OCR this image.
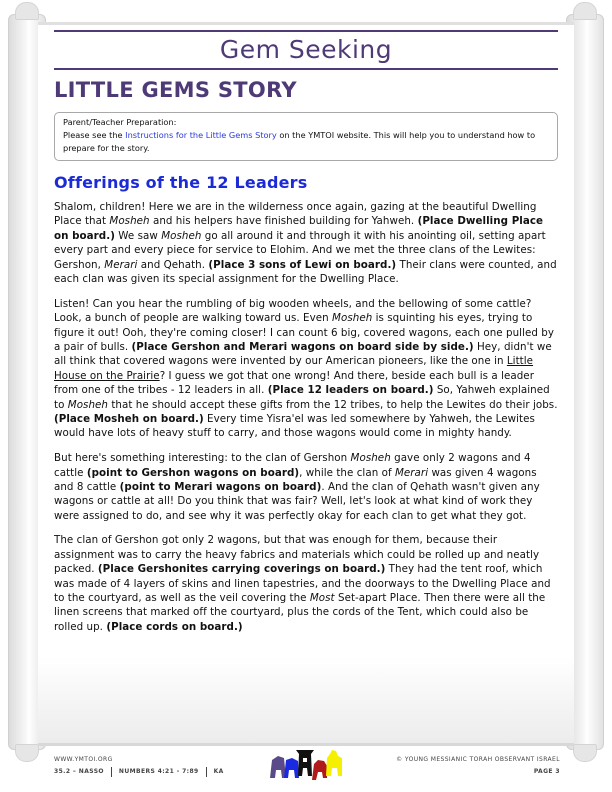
Gem Seeking
LITTLE GEMS STORY
Parent/Teacher Preparation:
Please see the Instructions for the Little Gems Story on the YMTOI website. This will help you to understand how to prepare for the story.
Offerings of the 12 Leaders

Shalom, children! Here we are in the wilderness once again, gazing at the beautiful Dwelling Place that Mosheh and his helpers have finished building for Yahweh. (Place Dwelling Place on board.) We saw Mosheh go all around it and through it with his anointing oil, setting apart every part and every piece for service to Elohim. And we met the three clans of the Lewites: Gershon, Merari and Qehath. (Place 3 sons of Lewi on board.) Their clans were counted, and each clan was given its special assignment for the Dwelling Place.

Listen! Can you hear the rumbling of big wooden wheels, and the bellowing of some cattle? Look, a bunch of people are walking toward us. Even Mosheh is squinting his eyes, trying to figure it out! Ooh, they're coming closer! I can count 6 big, covered wagons, each one pulled by a pair of bulls. (Place Gershon and Merari wagons on board side by side.) Hey, didn't we all think that covered wagons were invented by our American pioneers, like the one in Little House on the Prairie? I guess we got that one wrong! And there, beside each bull is a leader from one of the tribes - 12 leaders in all. (Place 12 leaders on board.) So, Yahweh explained to Mosheh that he should accept these gifts from the 12 tribes, to help the Lewites do their jobs. (Place Mosheh on board.) Every time Yisra'el was led somewhere by Yahweh, the Lewites would have lots of heavy stuff to carry, and those wagons would come in mighty handy.

But here's something interesting: to the clan of Gershon Mosheh gave only 2 wagons and 4 cattle (point to Gershon wagons on board), while the clan of Merari was given 4 wagons and 8 cattle (point to Merari wagons on board). And the clan of Qehath wasn't given any wagons or cattle at all! Do you think that was fair? Well, let's look at what kind of work they were assigned to do, and see why it was perfectly okay for each clan to get what they got.

The clan of Gershon got only 2 wagons, but that was enough for them, because their assignment was to carry the heavy fabrics and materials which could be rolled up and neatly packed. (Place Gershonites carrying coverings on board.) They had the tent roof, which was made of 4 layers of skins and linen tapestries, and the doorways to the Dwelling Place and to the courtyard, as well as the veil covering the Most Set-apart Place. Then there were all the linen screens that marked off the courtyard, plus the cords of the Tent, which could also be rolled up. (Place cords on board.)

WWW.YMTOI.ORG
35.2 – NASSO	NUMBERS 4:21 - 7:89	KA
© YOUNG MESSIANIC TORAH OBSERVANT ISRAEL
PAGE 3
